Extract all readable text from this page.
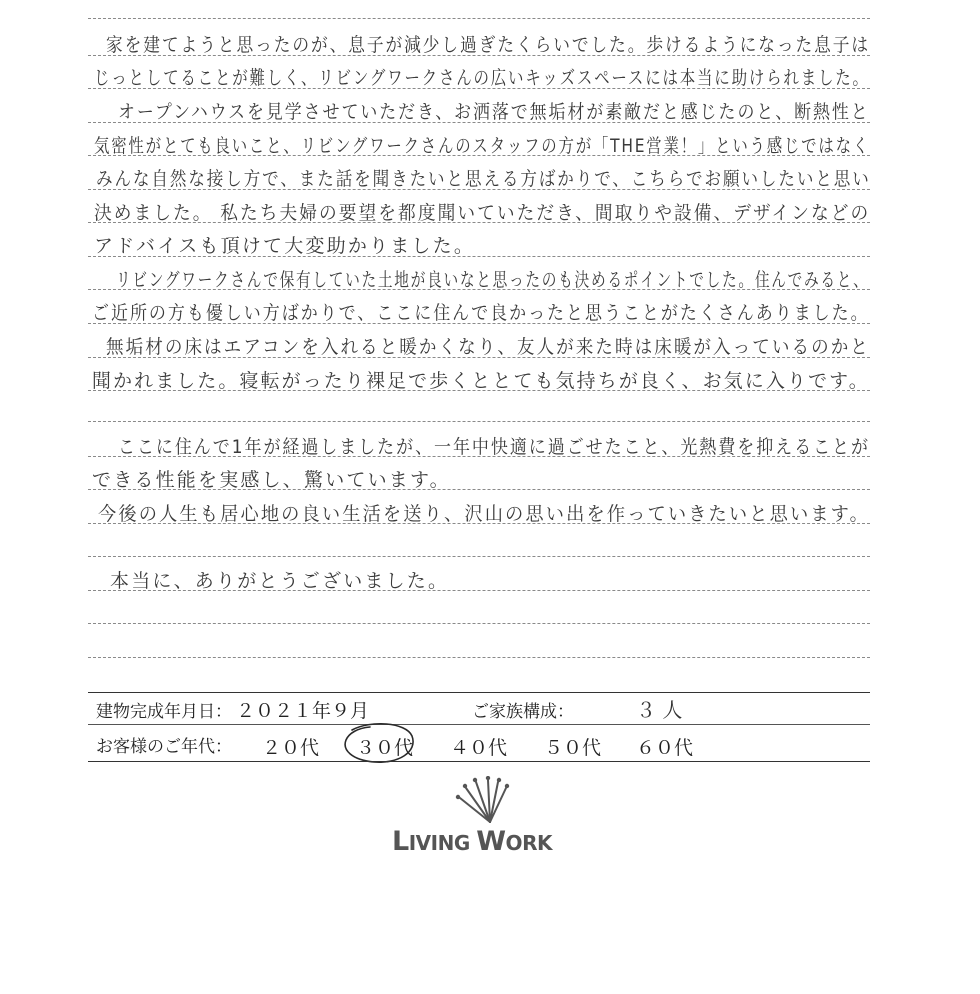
家を建てようと思ったのが、息子が減少し過ぎたくらいでした。歩けるようになった息子は
じっとしてることが難しく、リビングワークさんの広いキッズスペースには本当に助けられました。
オープンハウスを見学させていただき、お洒落で無垢材が素敵だと感じたのと、断熱性と
気密性がとても良いこと、リビングワークさんのスタッフの方が「THE営業！」という感じではなく
みんな自然な接し方で、また話を聞きたいと思える方ばかりで、こちらでお願いしたいと思い
決めました。 私たち夫婦の要望を都度聞いていただき、間取りや設備、デザインなどの
アドバイスも頂けて大変助かりました。
リビングワークさんで保有していた土地が良いなと思ったのも決めるポイントでした。住んでみると、
ご近所の方も優しい方ばかりで、ここに住んで良かったと思うことがたくさんありました。
無垢材の床はエアコンを入れると暖かくなり、友人が来た時は床暖が入っているのかと
聞かれました。寝転がったり裸足で歩くととても気持ちが良く、お気に入りです。
ここに住んで1年が経過しましたが、一年中快適に過ごせたこと、光熱費を抑えることが
できる性能を実感し、驚いています。
今後の人生も居心地の良い生活を送り、沢山の思い出を作っていきたいと思います。
本当に、ありがとうございました。
建物完成年月日： ２０２１年９月	ご家族構成：	３ 人
お客様のご年代： ２０代 ３０代 ４０代 ５０代 ６０代
LIVING WORK
